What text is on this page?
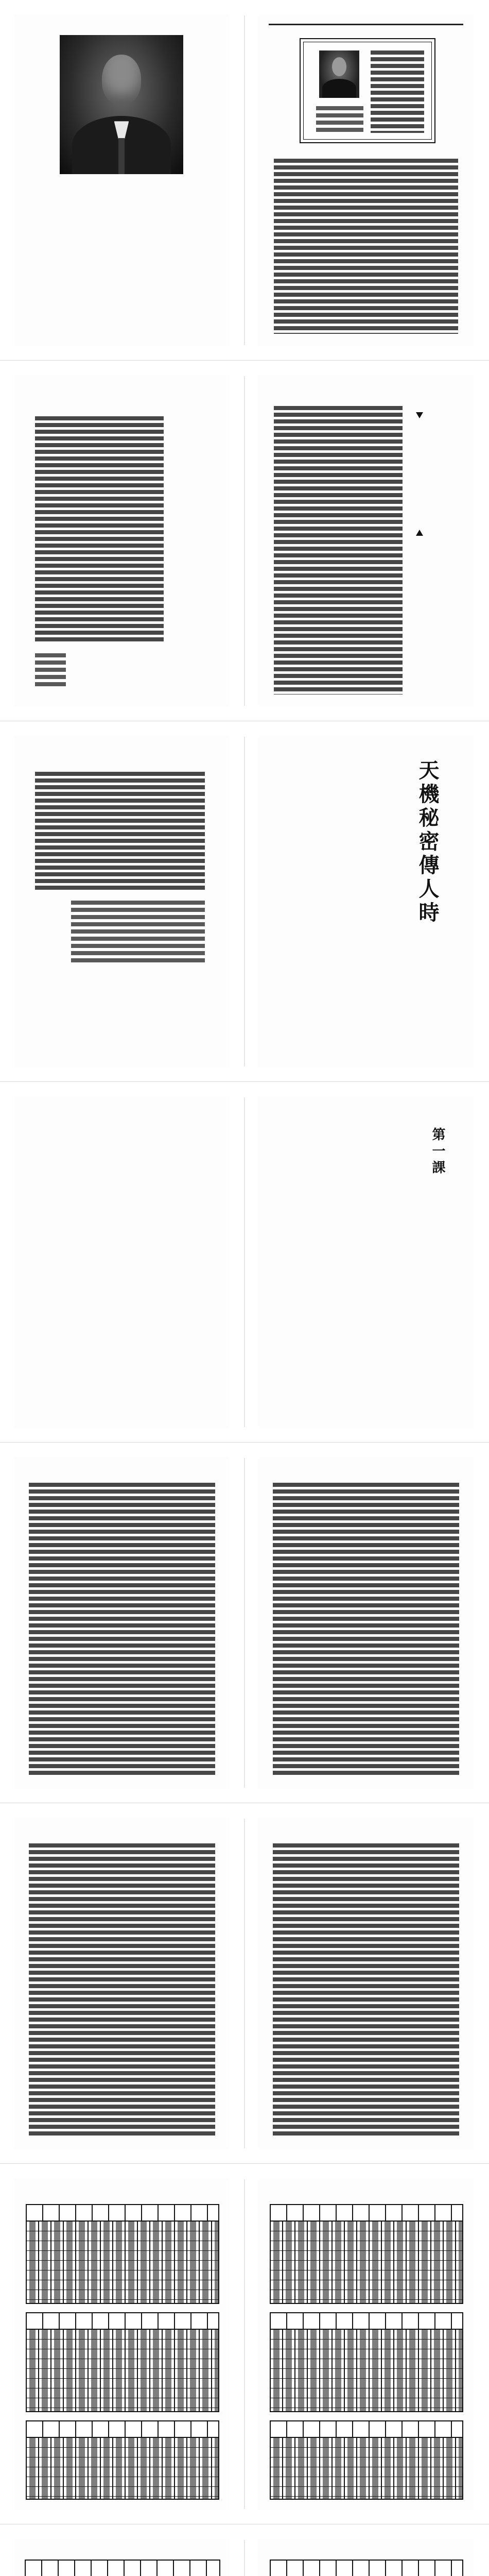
天機秘密傳人時
第一課
